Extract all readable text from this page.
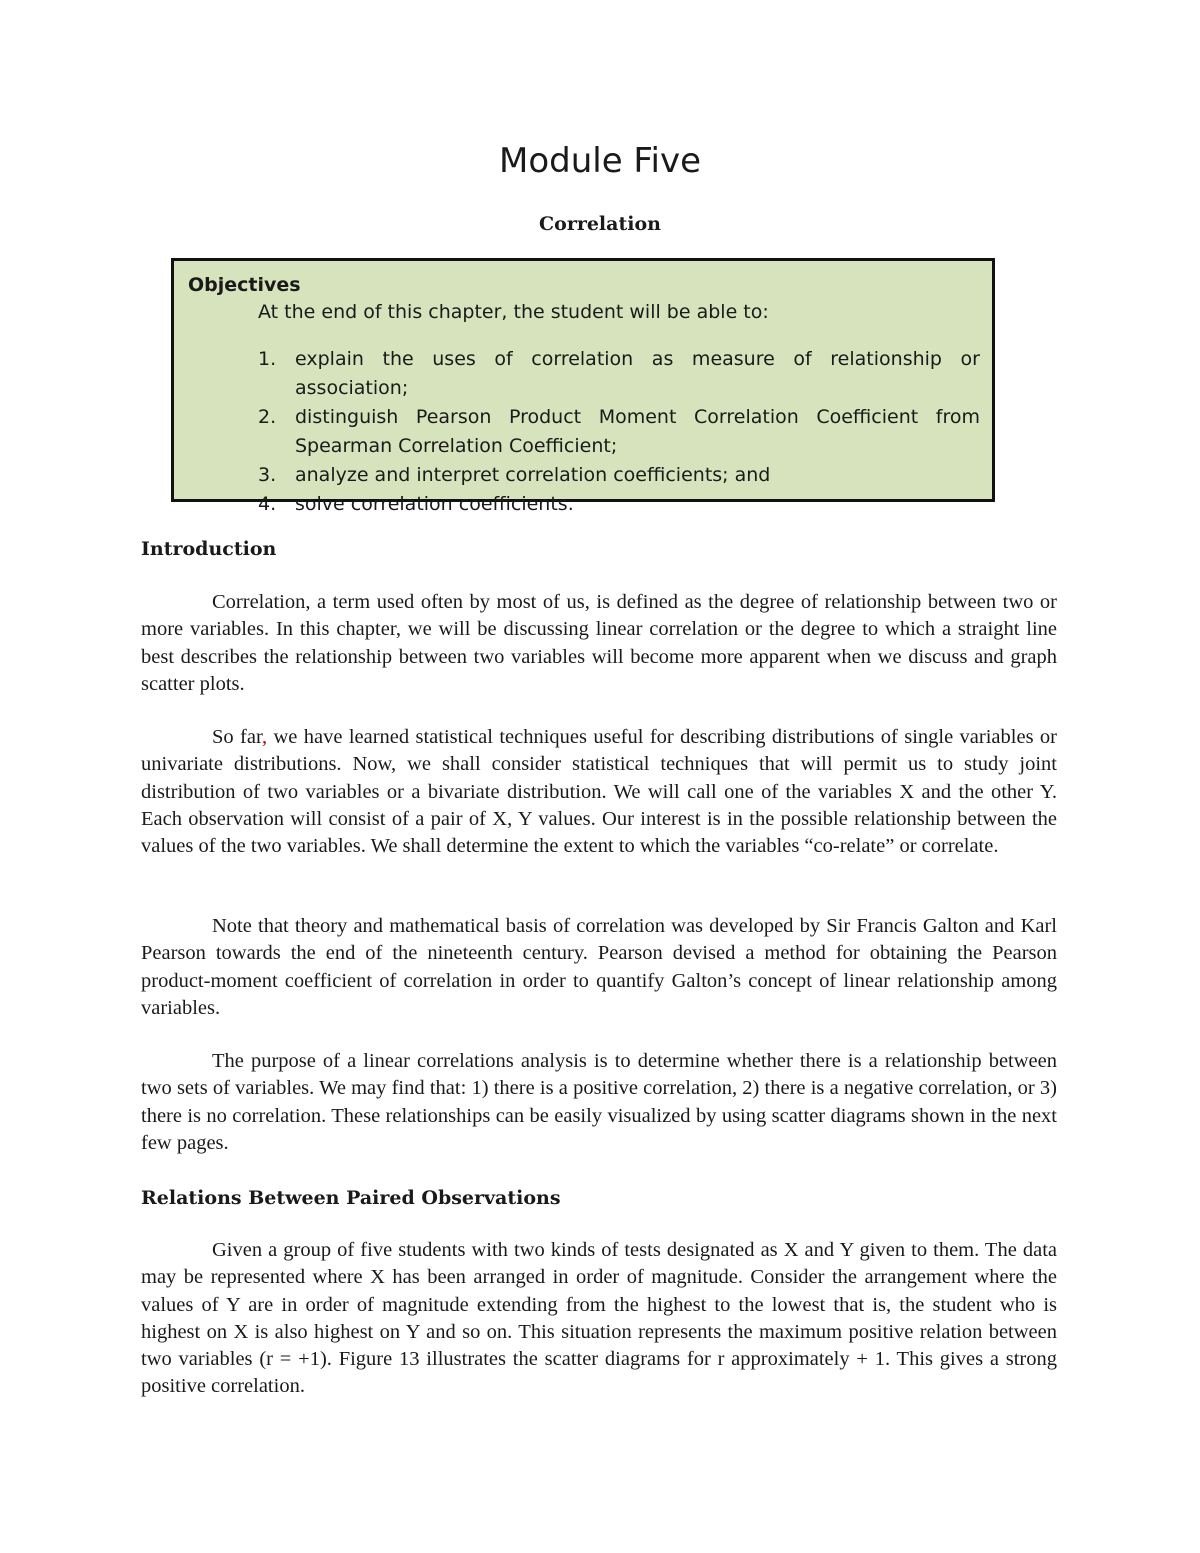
Module Five
Correlation

Objectives

At the end of this chapter, the student will be able to:

1. explain the uses of correlation as measure of relationship or association;
2. distinguish Pearson Product Moment Correlation Coefficient from Spearman Correlation Coefficient;
3. analyze and interpret correlation coefficients; and
4. solve correlation coefficients.
Introduction

Correlation, a term used often by most of us, is defined as the degree of relationship between two or more variables. In this chapter, we will be discussing linear correlation or the degree to which a straight line best describes the relationship between two variables will become more apparent when we discuss and graph scatter plots.

So far, we have learned statistical techniques useful for describing distributions of single variables or univariate distributions. Now, we shall consider statistical techniques that will permit us to study joint distribution of two variables or a bivariate distribution. We will call one of the variables X and the other Y. Each observation will consist of a pair of X, Y values. Our interest is in the possible relationship between the values of the two variables. We shall determine the extent to which the variables “co-relate” or correlate.

Note that theory and mathematical basis of correlation was developed by Sir Francis Galton and Karl Pearson towards the end of the nineteenth century. Pearson devised a method for obtaining the Pearson product-moment coefficient of correlation in order to quantify Galton’s concept of linear relationship among variables.

The purpose of a linear correlations analysis is to determine whether there is a relationship between two sets of variables. We may find that: 1) there is a positive correlation, 2) there is a negative correlation, or 3) there is no correlation. These relationships can be easily visualized by using scatter diagrams shown in the next few pages.

Relations Between Paired Observations

Given a group of five students with two kinds of tests designated as X and Y given to them. The data may be represented where X has been arranged in order of magnitude. Consider the arrangement where the values of Y are in order of magnitude extending from the highest to the lowest that is, the student who is highest on X is also highest on Y and so on. This situation represents the maximum positive relation between two variables (r = +1). Figure 13 illustrates the scatter diagrams for r approximately + 1. This gives a strong positive correlation.
